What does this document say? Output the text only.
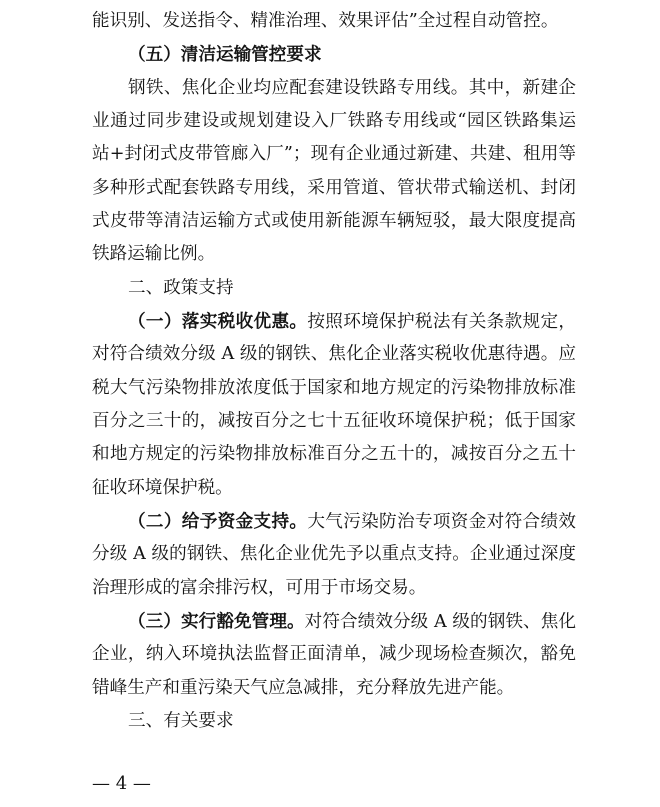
能识别、发送指令、精准治理、效果评估”全过程自动管控。
（五）清洁运输管控要求
钢铁、焦化企业均应配套建设铁路专用线。其中，新建企
业通过同步建设或规划建设入厂铁路专用线或“园区铁路集运
站+封闭式皮带管廊入厂”；现有企业通过新建、共建、租用等
多种形式配套铁路专用线，采用管道、管状带式输送机、封闭
式皮带等清洁运输方式或使用新能源车辆短驳，最大限度提高
铁路运输比例。
二、政策支持
（一）落实税收优惠。按照环境保护税法有关条款规定，
对符合绩效分级 A 级的钢铁、焦化企业落实税收优惠待遇。应
税大气污染物排放浓度低于国家和地方规定的污染物排放标准
百分之三十的，减按百分之七十五征收环境保护税；低于国家
和地方规定的污染物排放标准百分之五十的，减按百分之五十
征收环境保护税。
（二）给予资金支持。大气污染防治专项资金对符合绩效
分级 A 级的钢铁、焦化企业优先予以重点支持。企业通过深度
治理形成的富余排污权，可用于市场交易。
（三）实行豁免管理。对符合绩效分级 A 级的钢铁、焦化
企业，纳入环境执法监督正面清单，减少现场检查频次，豁免
错峰生产和重污染天气应急减排，充分释放先进产能。
三、有关要求
— 4 —
